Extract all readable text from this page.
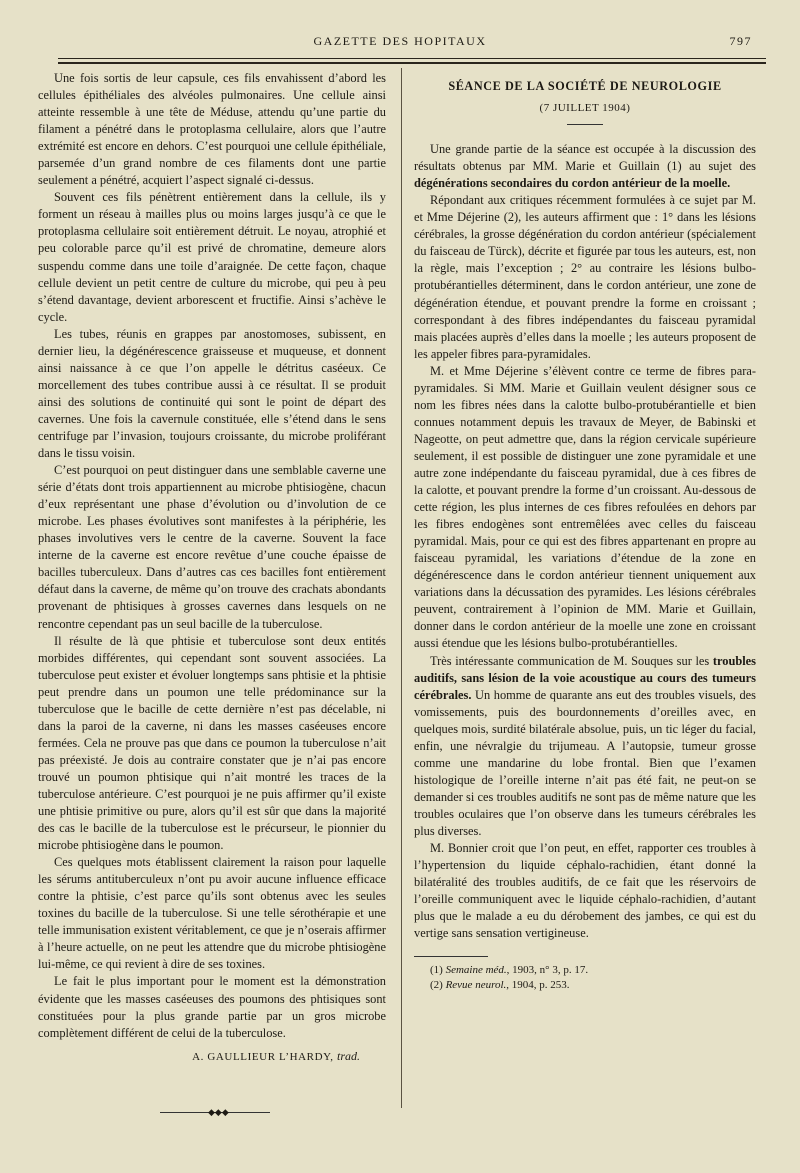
GAZETTE DES HOPITAUX	797

Une fois sortis de leur capsule, ces fils envahissent d’abord les cellules épithéliales des alvéoles pulmonaires. Une cellule ainsi atteinte ressemble à une tête de Méduse, attendu qu’une partie du filament a pénétré dans le protoplasma cellulaire, alors que l’autre extrémité est encore en dehors. C’est pourquoi une cellule épithéliale, parsemée d’un grand nombre de ces filaments dont une partie seulement a pénétré, acquiert l’aspect signalé ci-dessus.

Souvent ces fils pénètrent entièrement dans la cellule, ils y forment un réseau à mailles plus ou moins larges jusqu’à ce que le protoplasma cellulaire soit entièrement détruit. Le noyau, atrophié et peu colorable parce qu’il est privé de chromatine, demeure alors suspendu comme dans une toile d’araignée. De cette façon, chaque cellule devient un petit centre de culture du microbe, qui peu à peu s’étend davantage, devient arborescent et fructifie. Ainsi s’achève le cycle.

Les tubes, réunis en grappes par anostomoses, subissent, en dernier lieu, la dégénérescence graisseuse et muqueuse, et donnent ainsi naissance à ce que l’on appelle le détritus caséeux. Ce morcellement des tubes contribue aussi à ce résultat. Il se produit ainsi des solutions de continuité qui sont le point de départ des cavernes. Une fois la cavernule constituée, elle s’étend dans le sens centrifuge par l’invasion, toujours croissante, du microbe proliférant dans le tissu voisin.

C’est pourquoi on peut distinguer dans une semblable caverne une série d’états dont trois appartiennent au microbe phtisiogène, chacun d’eux représentant une phase d’évolution ou d’involution de ce microbe. Les phases évolutives sont manifestes à la périphérie, les phases involutives vers le centre de la caverne. Souvent la face interne de la caverne est encore revêtue d’une couche épaisse de bacilles tuberculeux. Dans d’autres cas ces bacilles font entièrement défaut dans la caverne, de même qu’on trouve des crachats abondants provenant de phtisiques à grosses cavernes dans lesquels on ne rencontre cependant pas un seul bacille de la tuberculose.

Il résulte de là que phtisie et tuberculose sont deux entités morbides différentes, qui cependant sont souvent associées. La tuberculose peut exister et évoluer longtemps sans phtisie et la phtisie peut prendre dans un poumon une telle prédominance sur la tuberculose que le bacille de cette dernière n’est pas décelable, ni dans la paroi de la caverne, ni dans les masses caséeuses encore fermées. Cela ne prouve pas que dans ce poumon la tuberculose n’ait pas préexisté. Je dois au contraire constater que je n’ai pas encore trouvé un poumon phtisique qui n’ait montré les traces de la tuberculose antérieure. C’est pourquoi je ne puis affirmer qu’il existe une phtisie primitive ou pure, alors qu’il est sûr que dans la majorité des cas le bacille de la tuberculose est le précurseur, le pionnier du microbe phtisiogène dans le poumon.

Ces quelques mots établissent clairement la raison pour laquelle les sérums antituberculeux n’ont pu avoir aucune influence efficace contre la phtisie, c’est parce qu’ils sont obtenus avec les seules toxines du bacille de la tuberculose. Si une telle sérothérapie et une telle immunisation existent véritablement, ce que je n’oserais affirmer à l’heure actuelle, on ne peut les attendre que du microbe phtisiogène lui-même, ce qui revient à dire de ses toxines.

Le fait le plus important pour le moment est la démonstration évidente que les masses caséeuses des poumons des phtisiques sont constituées pour la plus grande partie par un gros microbe complètement différent de celui de la tuberculose.

A. GAULLIEUR L’HARDY, trad.
◆◆◆
SÉANCE DE LA SOCIÉTÉ DE NEUROLOGIE
(7 JUILLET 1904)

Une grande partie de la séance est occupée à la discussion des résultats obtenus par MM. Marie et Guillain (1) au sujet des dégénérations secondaires du cordon antérieur de la moelle.

Répondant aux critiques récemment formulées à ce sujet par M. et Mme Déjerine (2), les auteurs affirment que : 1° dans les lésions cérébrales, la grosse dégénération du cordon antérieur (spécialement du faisceau de Türck), décrite et figurée par tous les auteurs, est, non la règle, mais l’exception ; 2° au contraire les lésions bulbo-protubérantielles déterminent, dans le cordon antérieur, une zone de dégénération étendue, et pouvant prendre la forme en croissant ; correspondant à des fibres indépendantes du faisceau pyramidal mais placées auprès d’elles dans la moelle ; les auteurs proposent de les appeler fibres para-pyramidales.

M. et Mme Déjerine s’élèvent contre ce terme de fibres para-pyramidales. Si MM. Marie et Guillain veulent désigner sous ce nom les fibres nées dans la calotte bulbo-protubérantielle et bien connues notamment depuis les travaux de Meyer, de Babinski et Nageotte, on peut admettre que, dans la région cervicale supérieure seulement, il est possible de distinguer une zone pyramidale et une autre zone indépendante du faisceau pyramidal, due à ces fibres de la calotte, et pouvant prendre la forme d’un croissant. Au-dessous de cette région, les plus internes de ces fibres refoulées en dehors par les fibres endogènes sont entremêlées avec celles du faisceau pyramidal. Mais, pour ce qui est des fibres appartenant en propre au faisceau pyramidal, les variations d’étendue de la zone en dégénérescence dans le cordon antérieur tiennent uniquement aux variations dans la décussation des pyramides. Les lésions cérébrales peuvent, contrairement à l’opinion de MM. Marie et Guillain, donner dans le cordon antérieur de la moelle une zone en croissant aussi étendue que les lésions bulbo-protubérantielles.

Très intéressante communication de M. Souques sur les troubles auditifs, sans lésion de la voie acoustique au cours des tumeurs cérébrales. Un homme de quarante ans eut des troubles visuels, des vomissements, puis des bourdonnements d’oreilles avec, en quelques mois, surdité bilatérale absolue, puis, un tic léger du facial, enfin, une névralgie du trijumeau. A l’autopsie, tumeur grosse comme une mandarine du lobe frontal. Bien que l’examen histologique de l’oreille interne n’ait pas été fait, ne peut-on se demander si ces troubles auditifs ne sont pas de même nature que les troubles oculaires que l’on observe dans les tumeurs cérébrales les plus diverses.

M. Bonnier croit que l’on peut, en effet, rapporter ces troubles à l’hypertension du liquide céphalo-rachidien, étant donné la bilatéralité des troubles auditifs, de ce fait que les réservoirs de l’oreille communiquent avec le liquide céphalo-rachidien, d’autant plus que le malade a eu du dérobement des jambes, ce qui est du vertige sans sensation vertigineuse.

(1) Semaine méd., 1903, n° 3, p. 17.

(2) Revue neurol., 1904, p. 253.
